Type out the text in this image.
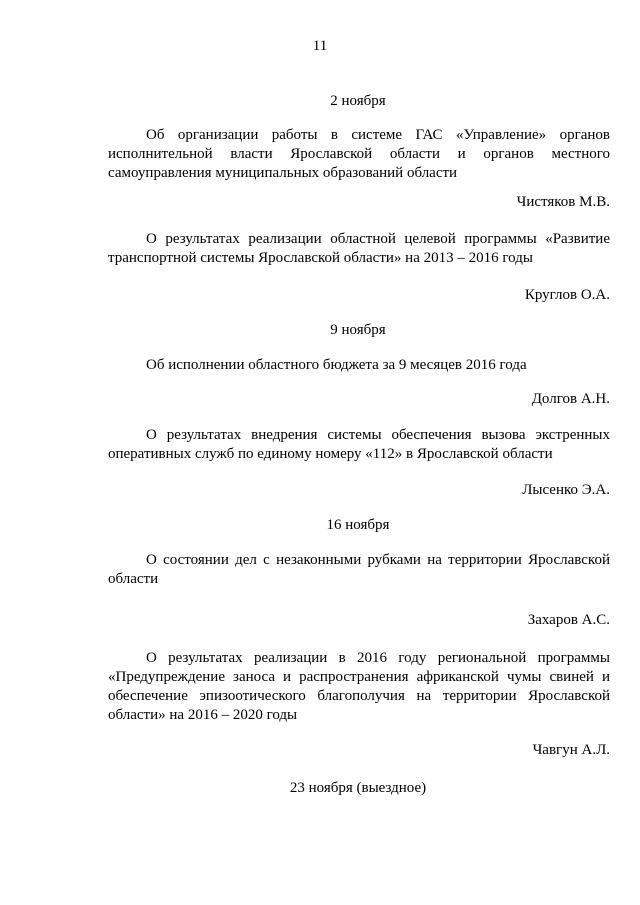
11
2 ноября

Об организации работы в системе ГАС «Управление» органов исполнительной власти Ярославской области и органов местного самоуправления муниципальных образований области

Чистяков М.В.

О результатах реализации областной целевой программы «Развитие транспортной системы Ярославской области» на 2013 – 2016 годы

Круглов О.А.
9 ноября

Об исполнении областного бюджета за 9 месяцев 2016 года

Долгов А.Н.

О результатах внедрения системы обеспечения вызова экстренных оперативных служб по единому номеру «112» в Ярославской области

Лысенко Э.А.
16 ноября

О состоянии дел с незаконными рубками на территории Ярославской области

Захаров А.С.

О результатах реализации в 2016 году региональной программы «Предупреждение заноса и распространения африканской чумы свиней и обеспечение эпизоотического благополучия на территории Ярославской области» на 2016 – 2020 годы

Чавгун А.Л.
23 ноября (выездное)
